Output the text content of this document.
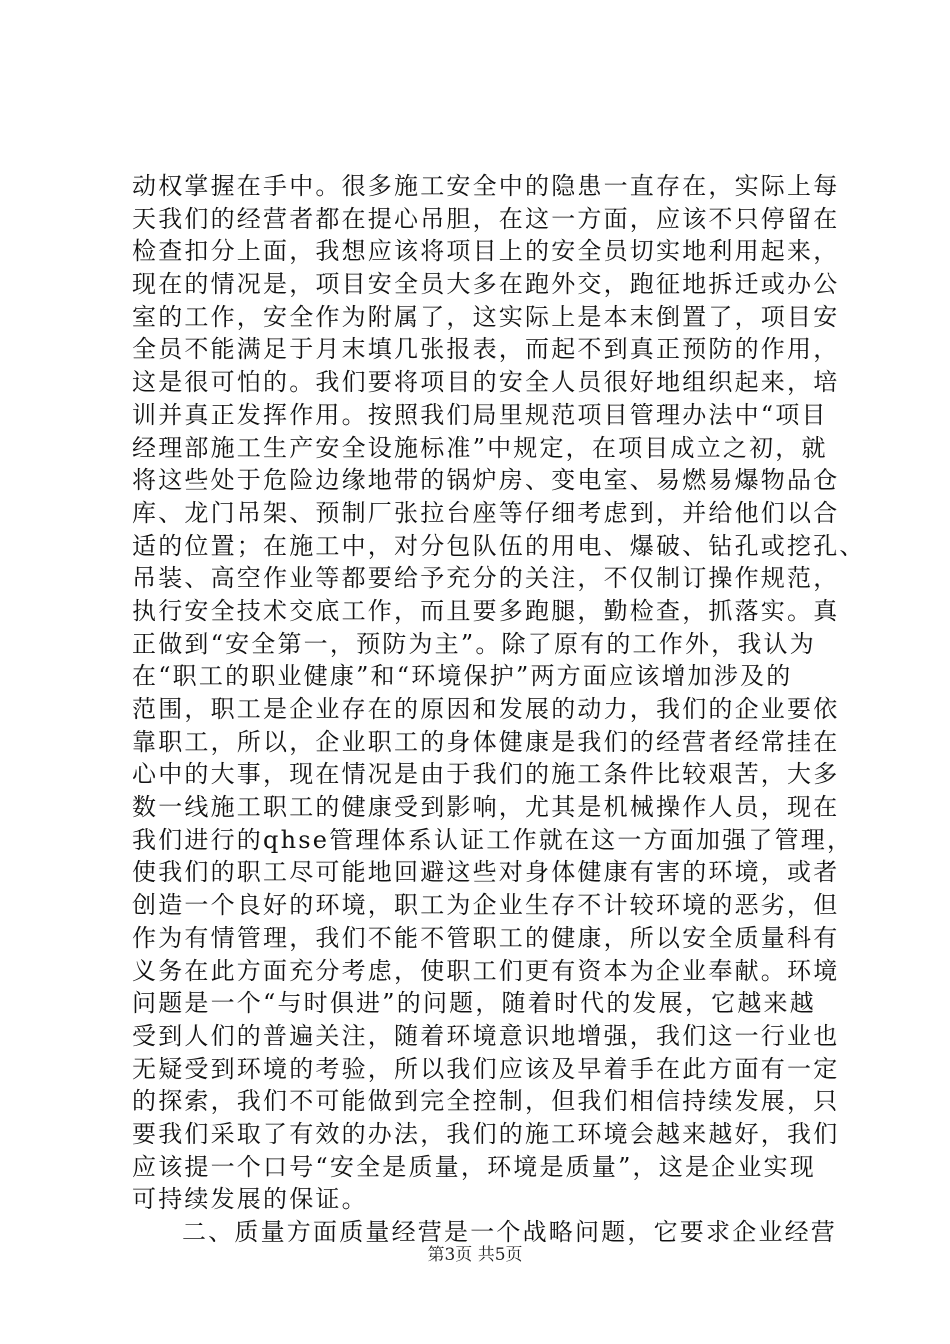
动权掌握在手中。很多施工安全中的隐患一直存在，实际上每
天我们的经营者都在提心吊胆，在这一方面，应该不只停留在
检查扣分上面，我想应该将项目上的安全员切实地利用起来，
现在的情况是，项目安全员大多在跑外交，跑征地拆迁或办公
室的工作，安全作为附属了，这实际上是本末倒置了，项目安
全员不能满足于月末填几张报表，而起不到真正预防的作用，
这是很可怕的。我们要将项目的安全人员很好地组织起来，培
训并真正发挥作用。按照我们局里规范项目管理办法中“项目
经理部施工生产安全设施标准”中规定，在项目成立之初，就
将这些处于危险边缘地带的锅炉房、变电室、易燃易爆物品仓
库、龙门吊架、预制厂张拉台座等仔细考虑到，并给他们以合
适的位置；在施工中，对分包队伍的用电、爆破、钻孔或挖孔、
吊装、高空作业等都要给予充分的关注，不仅制订操作规范，
执行安全技术交底工作，而且要多跑腿，勤检查，抓落实。真
正做到“安全第一，预防为主”。除了原有的工作外，我认为
在“职工的职业健康”和“环境保护”两方面应该增加涉及的
范围，职工是企业存在的原因和发展的动力，我们的企业要依
靠职工，所以，企业职工的身体健康是我们的经营者经常挂在
心中的大事，现在情况是由于我们的施工条件比较艰苦，大多
数一线施工职工的健康受到影响，尤其是机械操作人员，现在
我们进行的qhse管理体系认证工作就在这一方面加强了管理，
使我们的职工尽可能地回避这些对身体健康有害的环境，或者
创造一个良好的环境，职工为企业生存不计较环境的恶劣，但
作为有情管理，我们不能不管职工的健康，所以安全质量科有
义务在此方面充分考虑，使职工们更有资本为企业奉献。环境
问题是一个“与时俱进”的问题，随着时代的发展，它越来越
受到人们的普遍关注，随着环境意识地增强，我们这一行业也
无疑受到环境的考验，所以我们应该及早着手在此方面有一定
的探索，我们不可能做到完全控制，但我们相信持续发展，只
要我们采取了有效的办法，我们的施工环境会越来越好，我们
应该提一个口号“安全是质量，环境是质量”，这是企业实现
可持续发展的保证。
二、质量方面质量经营是一个战略问题，它要求企业经营
第3页 共5页
